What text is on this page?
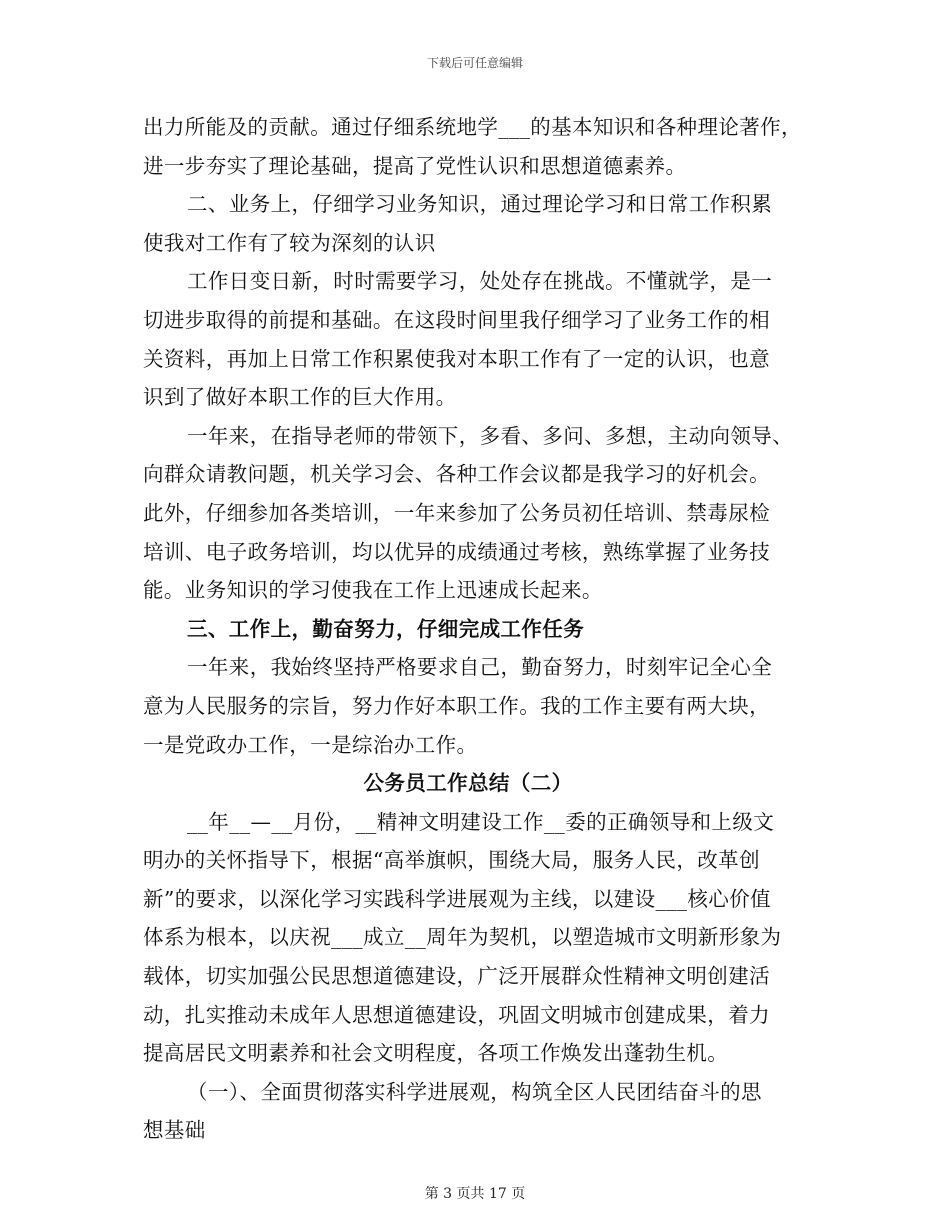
下载后可任意编辑
出力所能及的贡献。通过仔细系统地学___的基本知识和各种理论著作，
进一步夯实了理论基础，提高了党性认识和思想道德素养。
二、业务上，仔细学习业务知识，通过理论学习和日常工作积累
使我对工作有了较为深刻的认识
工作日变日新，时时需要学习，处处存在挑战。不懂就学，是一
切进步取得的前提和基础。在这段时间里我仔细学习了业务工作的相
关资料，再加上日常工作积累使我对本职工作有了一定的认识，也意
识到了做好本职工作的巨大作用。
一年来，在指导老师的带领下，多看、多问、多想，主动向领导、
向群众请教问题，机关学习会、各种工作会议都是我学习的好机会。
此外，仔细参加各类培训，一年来参加了公务员初任培训、禁毒尿检
培训、电子政务培训，均以优异的成绩通过考核，熟练掌握了业务技
能。业务知识的学习使我在工作上迅速成长起来。
三、工作上，勤奋努力，仔细完成工作任务
一年来，我始终坚持严格要求自己，勤奋努力，时刻牢记全心全
意为人民服务的宗旨，努力作好本职工作。我的工作主要有两大块，
一是党政办工作，一是综治办工作。
公务员工作总结（二）
__年__—__月份，__精神文明建设工作__委的正确领导和上级文
明办的关怀指导下，根据“高举旗帜，围绕大局，服务人民，改革创
新”的要求，以深化学习实践科学进展观为主线，以建设___核心价值
体系为根本，以庆祝___成立__周年为契机，以塑造城市文明新形象为
载体，切实加强公民思想道德建设，广泛开展群众性精神文明创建活
动，扎实推动未成年人思想道德建设，巩固文明城市创建成果，着力
提高居民文明素养和社会文明程度，各项工作焕发出蓬勃生机。
（一）、全面贯彻落实科学进展观，构筑全区人民团结奋斗的思
想基础
第 3 页共 17 页
